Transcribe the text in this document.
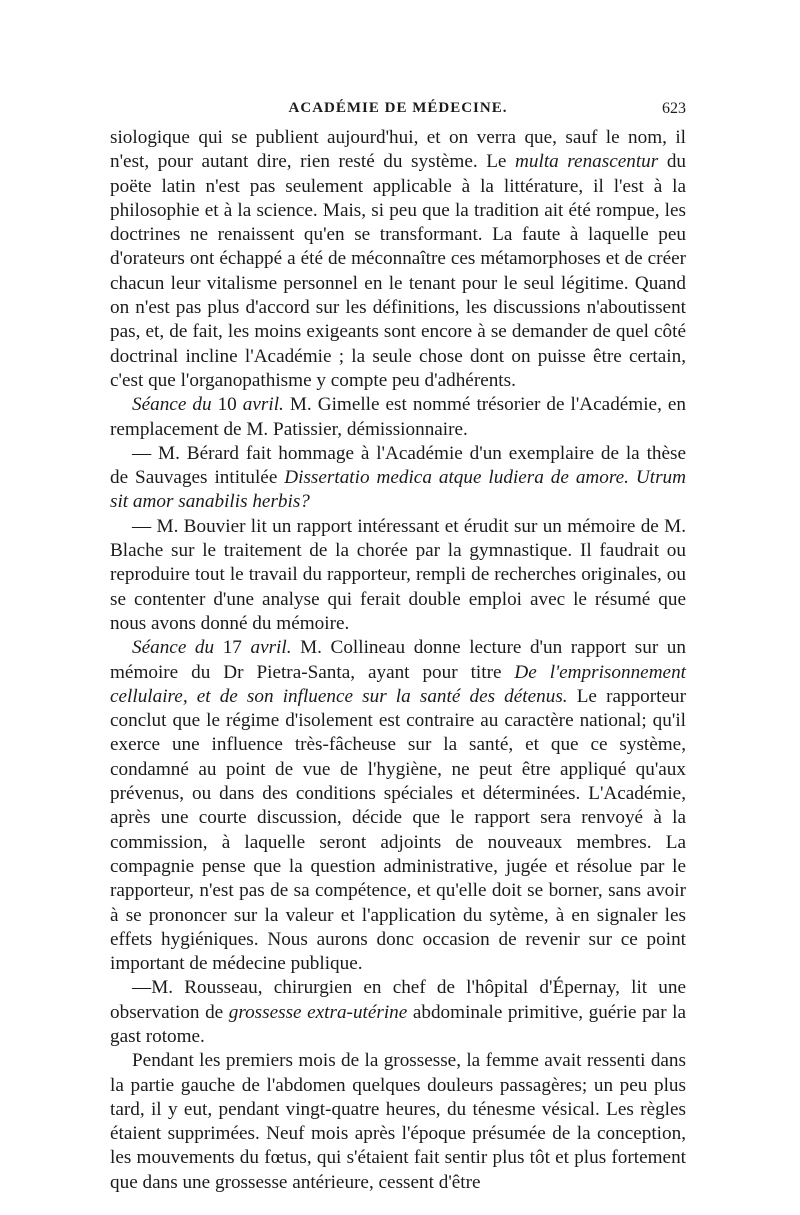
ACADÉMIE DE MÉDECINE.	623

siologique qui se publient aujourd'hui, et on verra que, sauf le nom, il n'est, pour autant dire, rien resté du système. Le multa renascentur du poëte latin n'est pas seulement applicable à la littérature, il l'est à la philosophie et à la science. Mais, si peu que la tradition ait été rompue, les doctrines ne renaissent qu'en se transformant. La faute à laquelle peu d'orateurs ont échappé a été de méconnaître ces métamorphoses et de créer chacun leur vitalisme personnel en le tenant pour le seul légitime. Quand on n'est pas plus d'accord sur les définitions, les discussions n'aboutissent pas, et, de fait, les moins exigeants sont encore à se demander de quel côté doctrinal incline l'Académie ; la seule chose dont on puisse être certain, c'est que l'organopathisme y compte peu d'adhérents.

Séance du 10 avril. M. Gimelle est nommé trésorier de l'Académie, en remplacement de M. Patissier, démissionnaire.

— M. Bérard fait hommage à l'Académie d'un exemplaire de la thèse de Sauvages intitulée Dissertatio medica atque ludiera de amore. Utrum sit amor sanabilis herbis?

— M. Bouvier lit un rapport intéressant et érudit sur un mémoire de M. Blache sur le traitement de la chorée par la gymnastique. Il faudrait ou reproduire tout le travail du rapporteur, rempli de recherches originales, ou se contenter d'une analyse qui ferait double emploi avec le résumé que nous avons donné du mémoire.

Séance du 17 avril. M. Collineau donne lecture d'un rapport sur un mémoire du Dr Pietra-Santa, ayant pour titre De l'emprisonnement cellulaire, et de son influence sur la santé des détenus. Le rapporteur conclut que le régime d'isolement est contraire au caractère national; qu'il exerce une influence très-fâcheuse sur la santé, et que ce système, condamné au point de vue de l'hygiène, ne peut être appliqué qu'aux prévenus, ou dans des conditions spéciales et déterminées. L'Académie, après une courte discussion, décide que le rapport sera renvoyé à la commission, à laquelle seront adjoints de nouveaux membres. La compagnie pense que la question administrative, jugée et résolue par le rapporteur, n'est pas de sa compétence, et qu'elle doit se borner, sans avoir à se prononcer sur la valeur et l'application du sytème, à en signaler les effets hygiéniques. Nous aurons donc occasion de revenir sur ce point important de médecine publique.

—M. Rousseau, chirurgien en chef de l'hôpital d'Épernay, lit une observation de grossesse extra-utérine abdominale primitive, guérie par la gast rotome.

Pendant les premiers mois de la grossesse, la femme avait ressenti dans la partie gauche de l'abdomen quelques douleurs passagères; un peu plus tard, il y eut, pendant vingt-quatre heures, du ténesme vésical. Les règles étaient supprimées. Neuf mois après l'époque présumée de la conception, les mouvements du fœtus, qui s'étaient fait sentir plus tôt et plus fortement que dans une grossesse antérieure, cessent d'être
